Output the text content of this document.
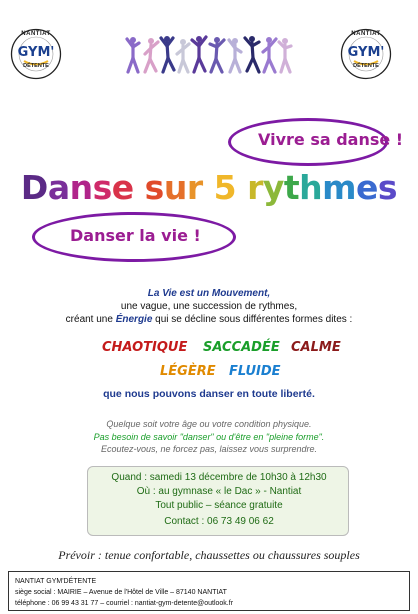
NANTIAT
GYM'
DÉTENTE
NANTIAT
GYM'
DÉTENTE
Vivre sa danse !
Danse sur 5 rythmes
Danser la vie !
La Vie est un Mouvement,
une vague, une succession de rythmes,
créant une Énergie qui se décline sous différentes formes dites :
CHAOTIQUE SACCADÉE CALME
LÉGÈRE FLUIDE
que nous pouvons danser en toute liberté.
Quelque soit votre âge ou votre condition physique.
Pas besoin de savoir "danser" ou d'être en "pleine forme".
Ecoutez-vous, ne forcez pas, laissez vous surprendre.
Quand : samedi 13 décembre de 10h30 à 12h30
Où : au gymnase « le Dac » - Nantiat
Tout public – séance gratuite
Contact : 06 73 49 06 62
Prévoir : tenue confortable, chaussettes ou chaussures souples
NANTIAT GYM'DÉTENTE
siège social : MAIRIE – Avenue de l'Hôtel de Ville – 87140 NANTIAT
téléphone : 06 99 43 31 77 – courriel : nantiat-gym-detente@outlook.fr
